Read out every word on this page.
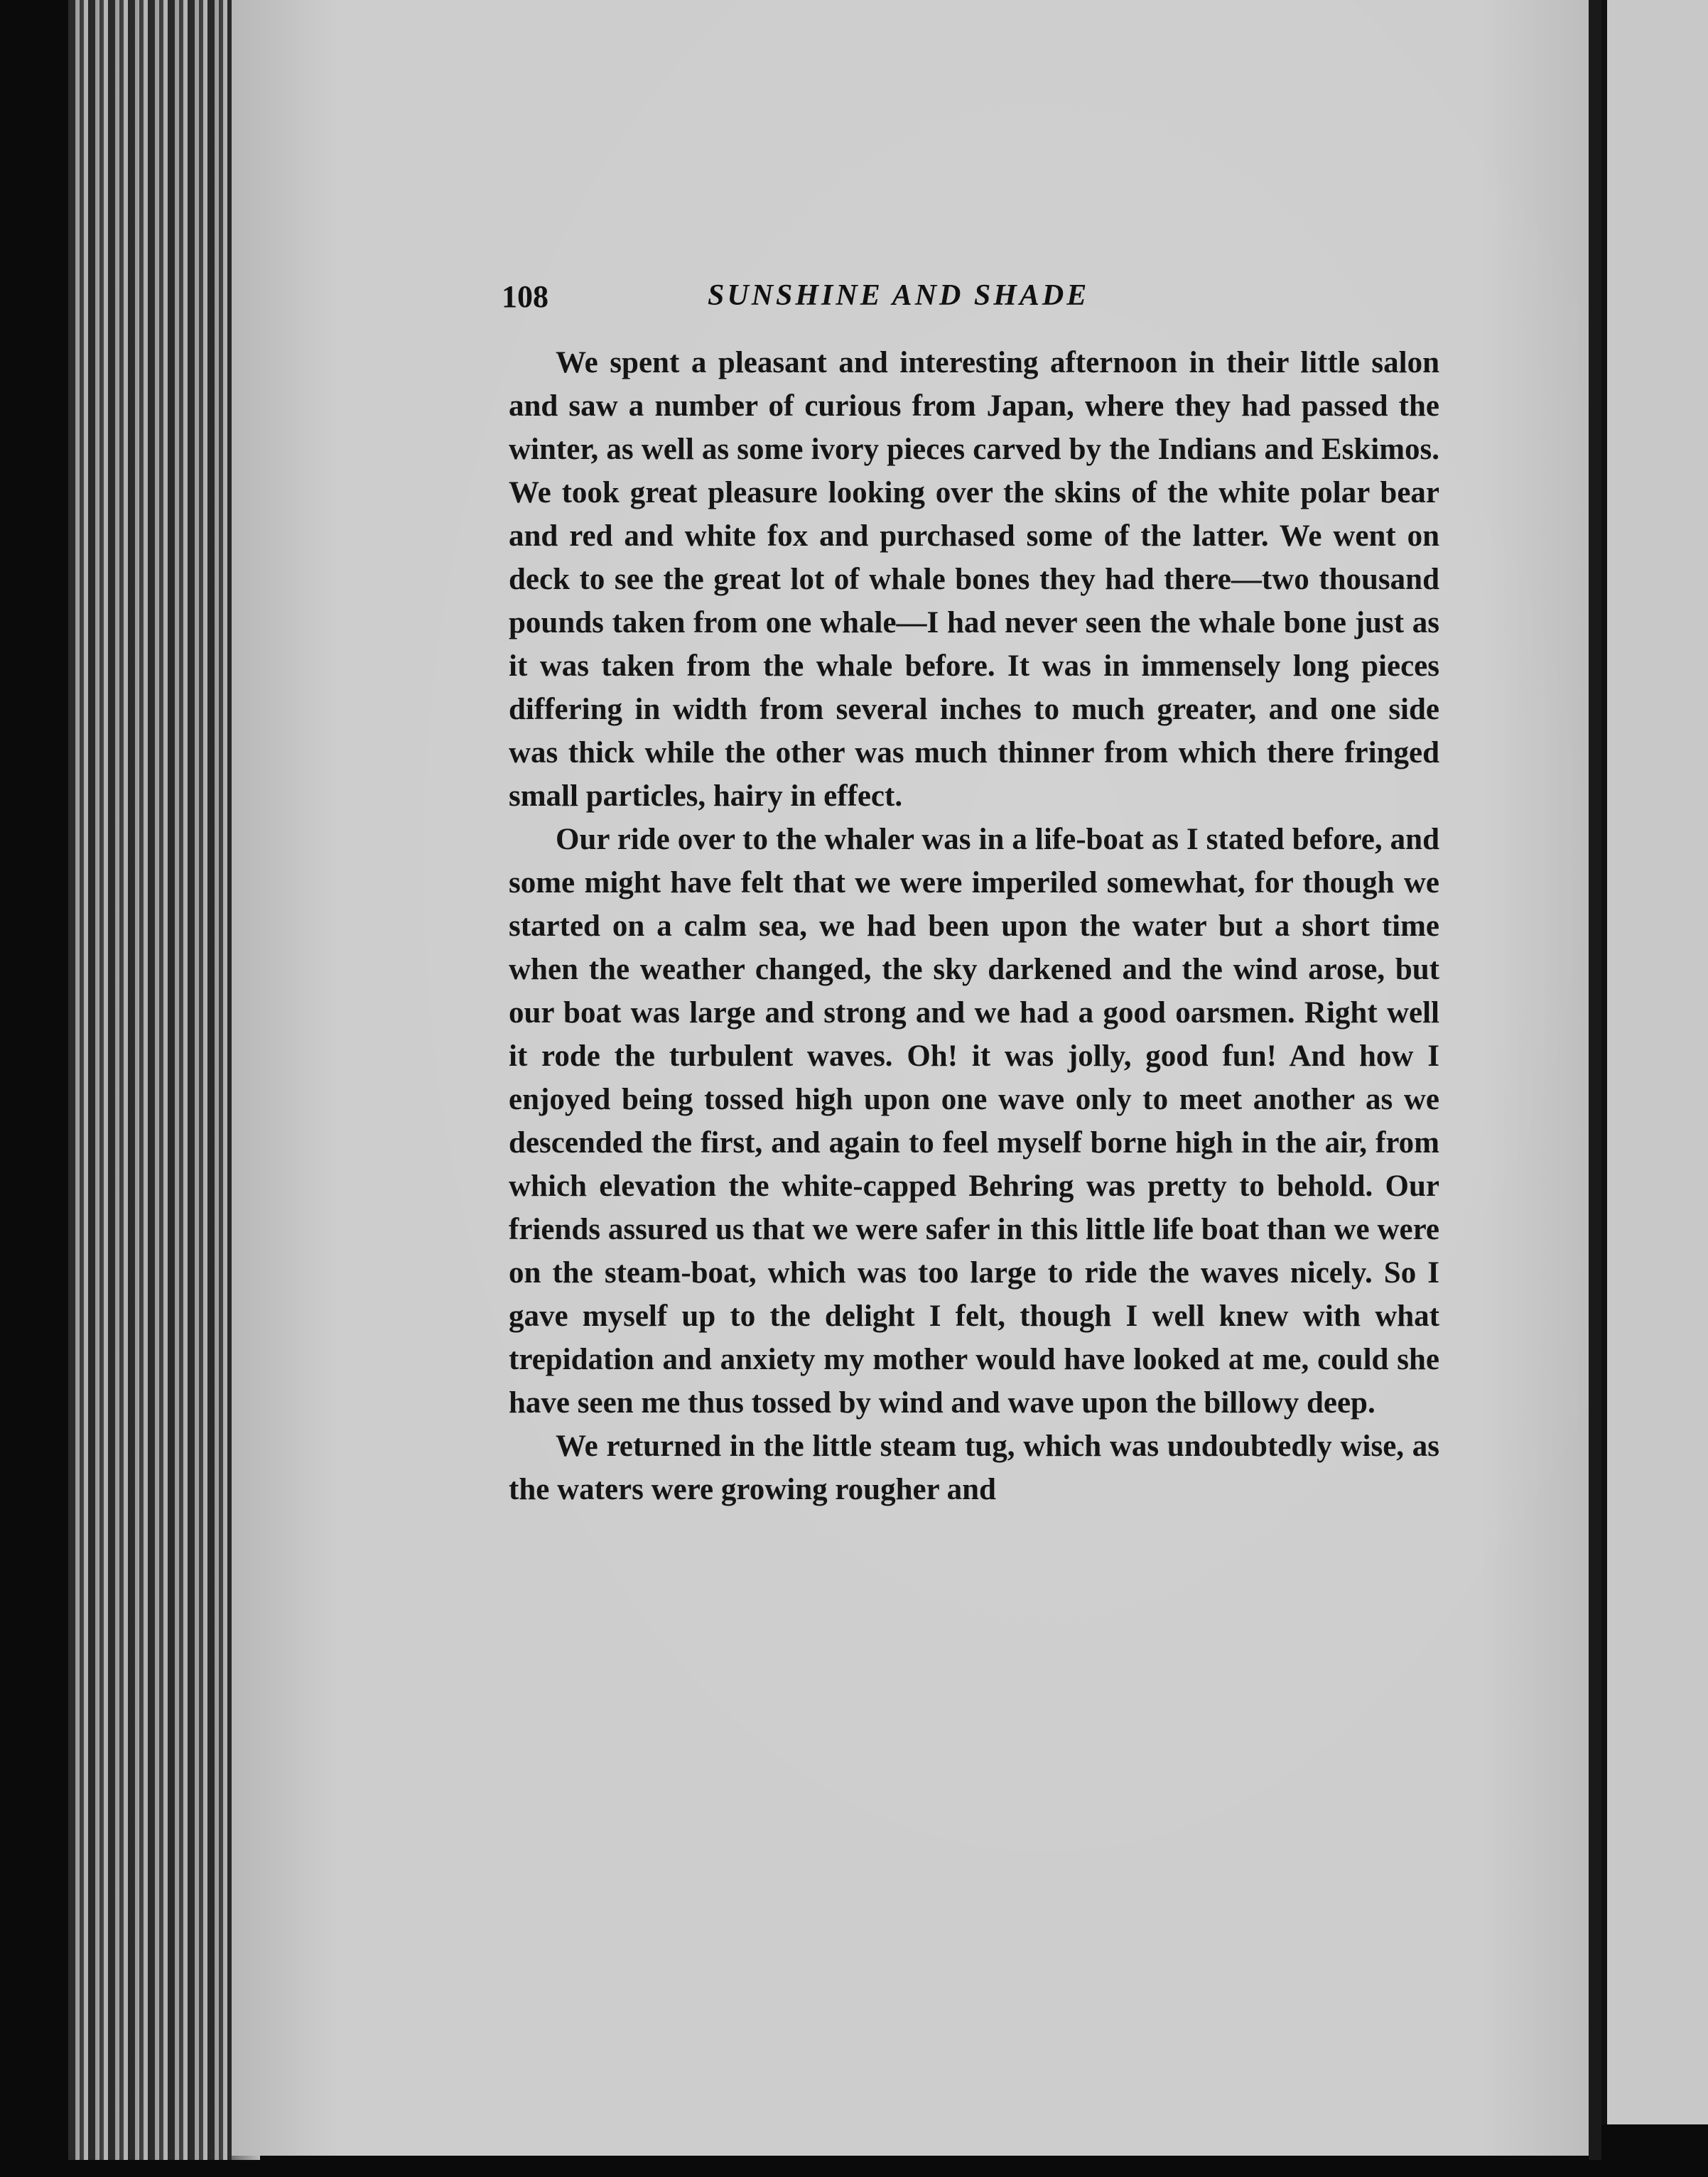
108	SUNSHINE AND SHADE

We spent a pleasant and interesting afternoon in their little salon and saw a number of curious from Japan, where they had passed the winter, as well as some ivory pieces carved by the Indians and Eskimos. We took great pleasure looking over the skins of the white polar bear and red and white fox and purchased some of the latter. We went on deck to see the great lot of whale bones they had there—two thousand pounds taken from one whale—I had never seen the whale bone just as it was taken from the whale before. It was in immensely long pieces differing in width from several inches to much greater, and one side was thick while the other was much thinner from which there fringed small particles, hairy in effect.

Our ride over to the whaler was in a life-boat as I stated before, and some might have felt that we were imperiled somewhat, for though we started on a calm sea, we had been upon the water but a short time when the weather changed, the sky darkened and the wind arose, but our boat was large and strong and we had a good oarsmen. Right well it rode the turbulent waves. Oh! it was jolly, good fun! And how I enjoyed being tossed high upon one wave only to meet another as we descended the first, and again to feel myself borne high in the air, from which elevation the white-capped Behring was pretty to behold. Our friends assured us that we were safer in this little life boat than we were on the steam-boat, which was too large to ride the waves nicely. So I gave myself up to the delight I felt, though I well knew with what trepidation and anxiety my mother would have looked at me, could she have seen me thus tossed by wind and wave upon the billowy deep.

We returned in the little steam tug, which was undoubtedly wise, as the waters were growing rougher and
